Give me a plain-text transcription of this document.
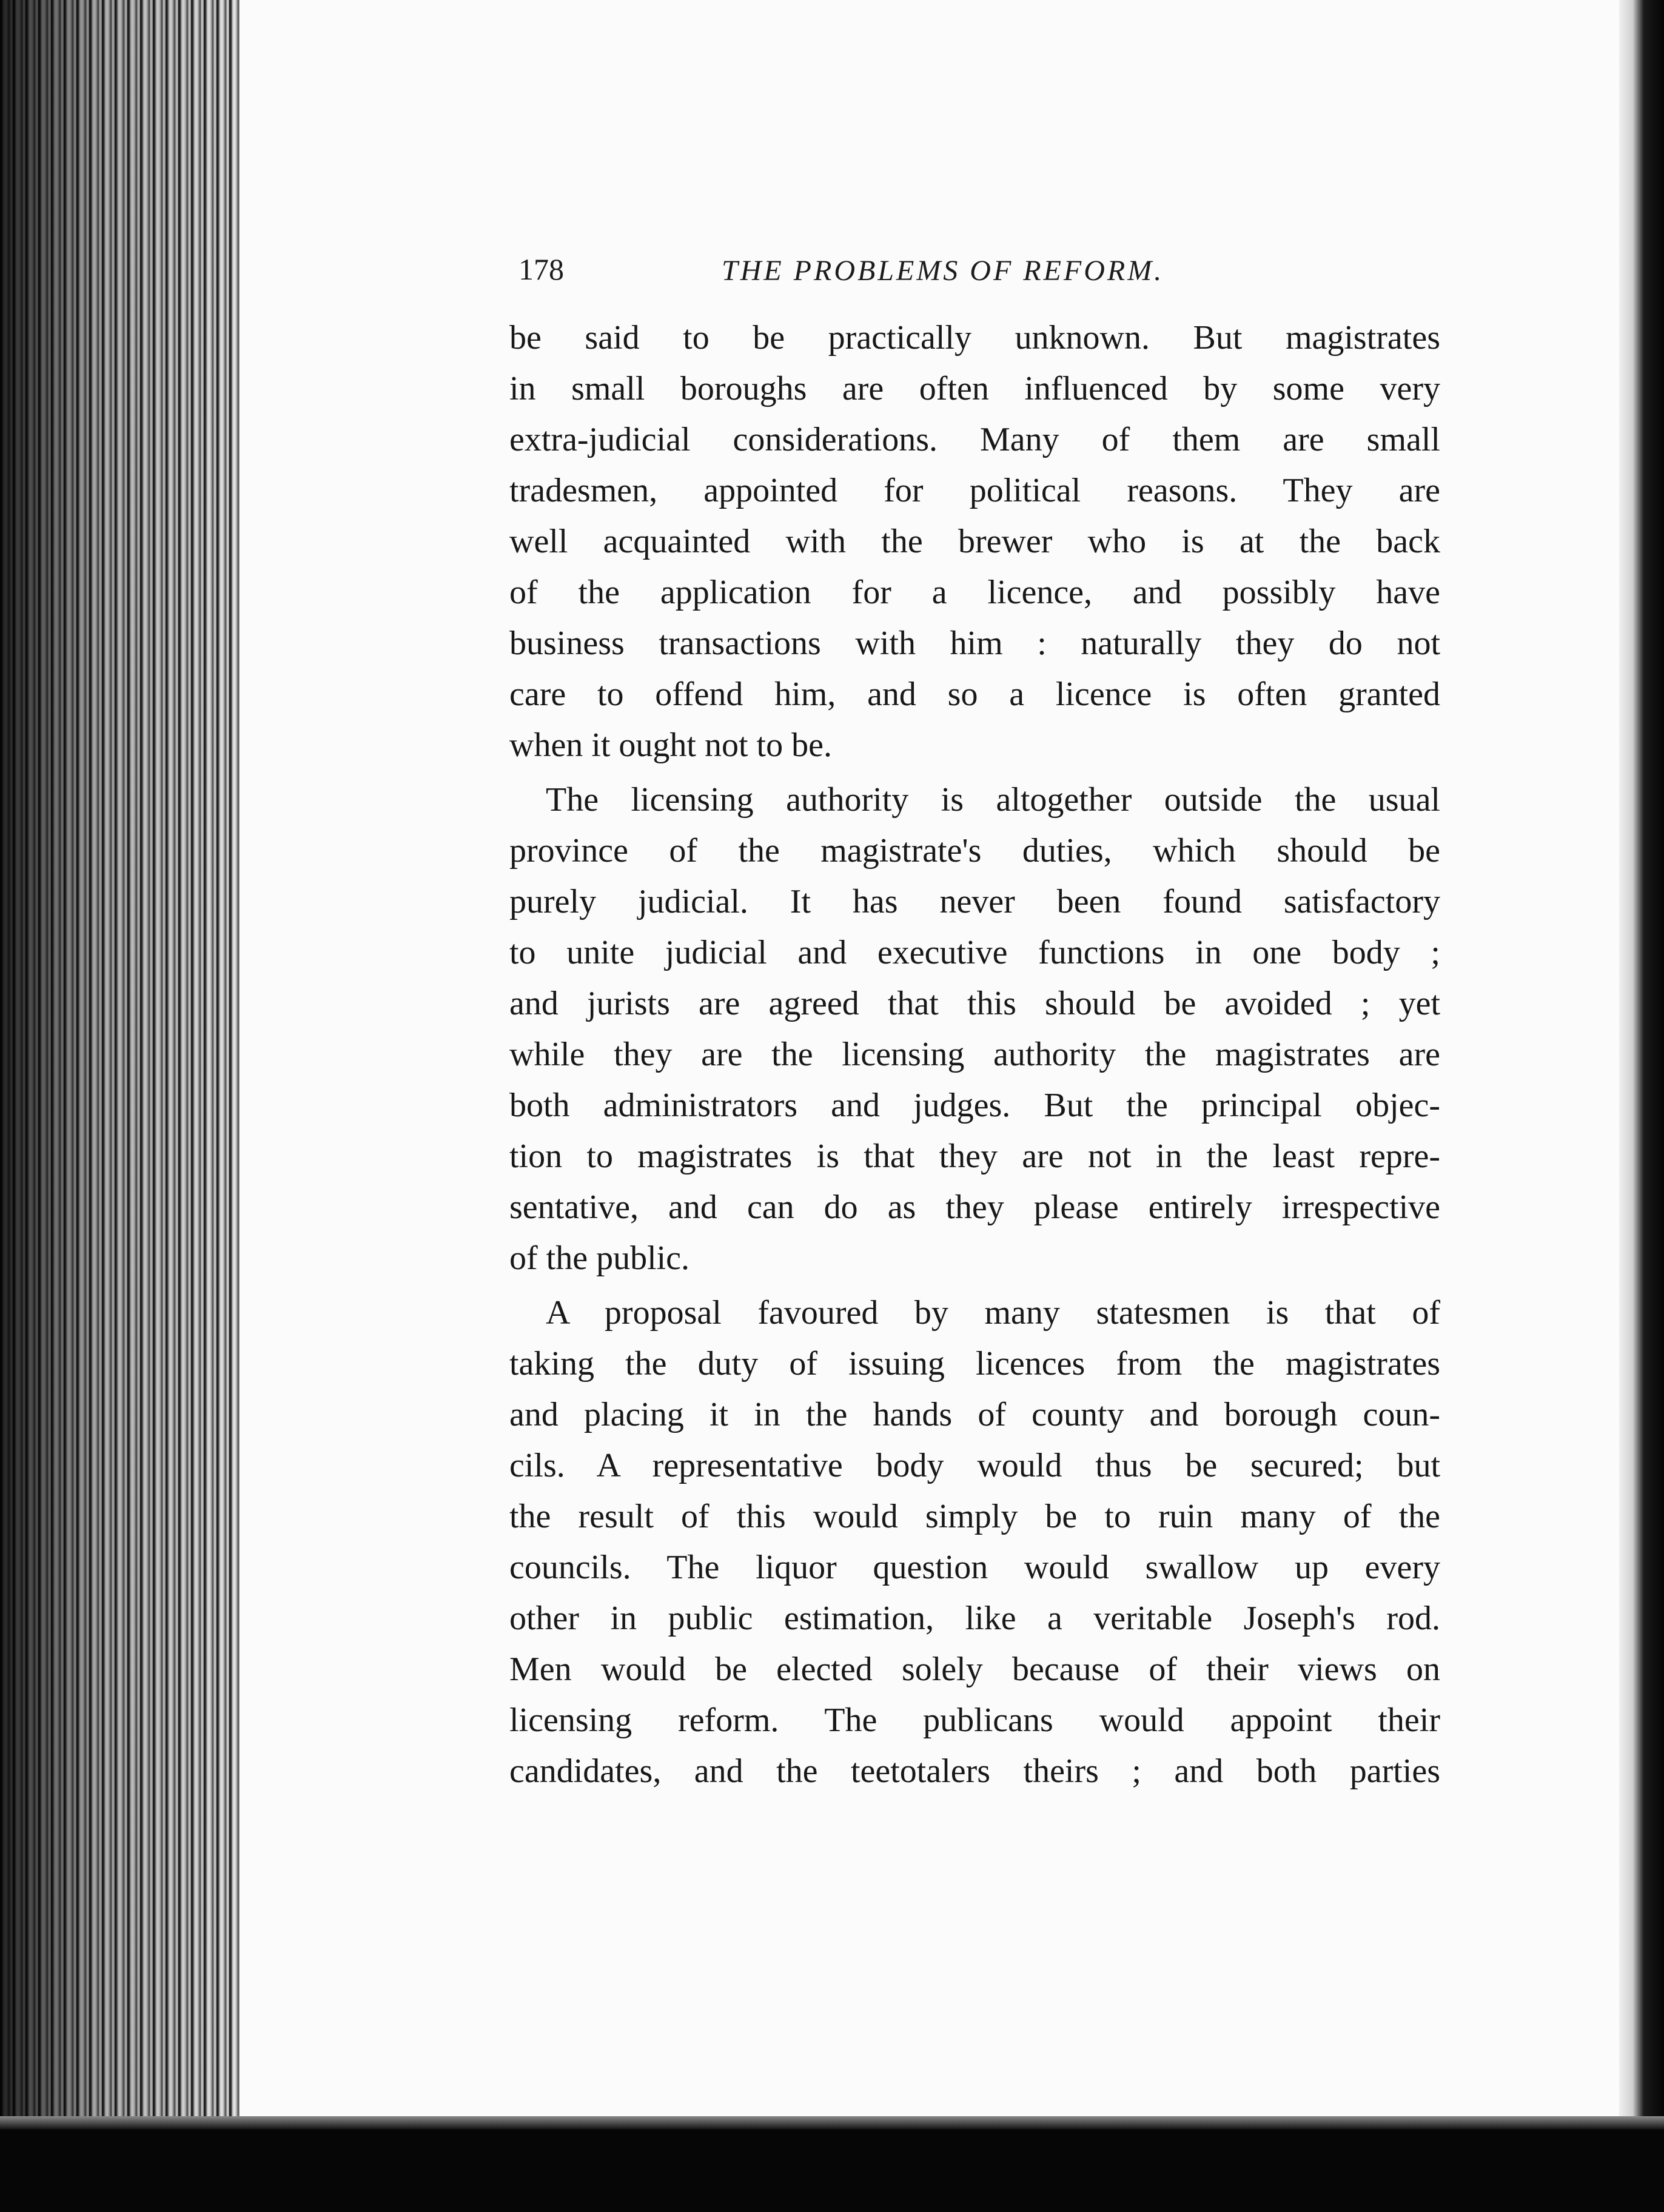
178	THE PROBLEMS OF REFORM.
be said to be practically unknown. But magistrates
in small boroughs are often influenced by some very
extra-judicial considerations. Many of them are small
tradesmen, appointed for political reasons. They are
well acquainted with the brewer who is at the back
of the application for a licence, and possibly have
business transactions with him : naturally they do not
care to offend him, and so a licence is often granted
when it ought not to be.
The licensing authority is altogether outside the usual
province of the magistrate's duties, which should be
purely judicial. It has never been found satisfactory
to unite judicial and executive functions in one body ;
and jurists are agreed that this should be avoided ; yet
while they are the licensing authority the magistrates are
both administrators and judges. But the principal objec-
tion to magistrates is that they are not in the least repre-
sentative, and can do as they please entirely irrespective
of the public.
A proposal favoured by many statesmen is that of
taking the duty of issuing licences from the magistrates
and placing it in the hands of county and borough coun-
cils. A representative body would thus be secured; but
the result of this would simply be to ruin many of the
councils. The liquor question would swallow up every
other in public estimation, like a veritable Joseph's rod.
Men would be elected solely because of their views on
licensing reform. The publicans would appoint their
candidates, and the teetotalers theirs ; and both parties
